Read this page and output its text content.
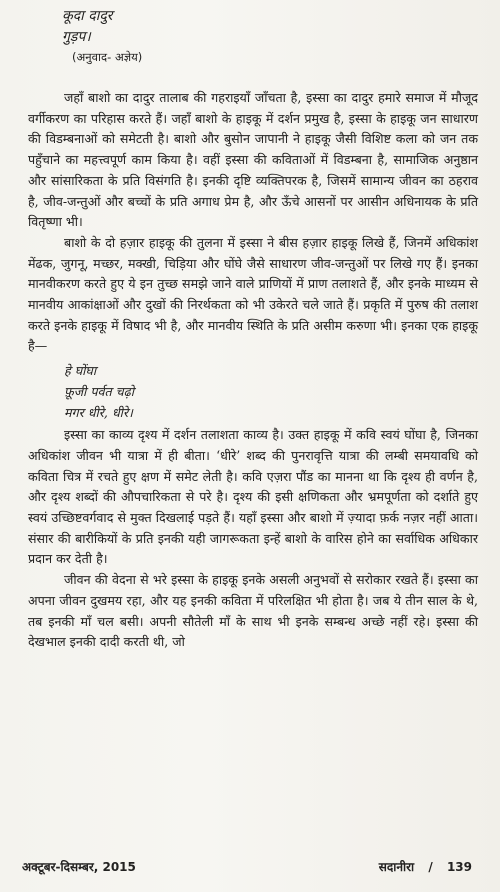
कूदा दादुर
गुड़प।
(अनुवाद- अज्ञेय)

जहाँ बाशो का दादुर तालाब की गहराइयाँ जाँचता है, इस्सा का दादुर हमारे समाज में मौजूद वर्गीकरण का परिहास करते हैं। जहाँ बाशो के हाइकू में दर्शन प्रमुख है, इस्सा के हाइकू जन साधारण की विडम्बनाओं को समेटती है। बाशो और बुसोन जापानी ने हाइकू जैसी विशिष्ट कला को जन तक पहुँचाने का महत्त्वपूर्ण काम किया है। वहीं इस्सा की कविताओं में विडम्बना है, सामाजिक अनुष्ठान और सांसारिकता के प्रति विसंगति है। इनकी दृष्टि व्यक्तिपरक है, जिसमें सामान्य जीवन का ठहराव है, जीव-जन्तुओं और बच्चों के प्रति अगाध प्रेम है, और ऊँचे आसनों पर आसीन अधिनायक के प्रति वितृष्णा भी।

बाशो के दो हज़ार हाइकू की तुलना में इस्सा ने बीस हज़ार हाइकू लिखे हैं, जिनमें अधिकांश मेंढक, जुगनू, मच्छर, मक्खी, चिड़िया और घोंघे जैसे साधारण जीव-जन्तुओं पर लिखे गए हैं। इनका मानवीकरण करते हुए ये इन तुच्छ समझे जाने वाले प्राणियों में प्राण तलाशते हैं, और इनके माध्यम से मानवीय आकांक्षाओं और दुखों की निरर्थकता को भी उकेरते चले जाते हैं। प्रकृति में पुरुष की तलाश करते इनके हाइकू में विषाद भी है, और मानवीय स्थिति के प्रति असीम करुणा भी। इनका एक हाइकू है—

हे घोंघा
फ़ूजी पर्वत चढ़ो
मगर धीरे, धीरे।

इस्सा का काव्य दृश्य में दर्शन तलाशता काव्य है। उक्त हाइकू में कवि स्वयं घोंघा है, जिनका अधिकांश जीवन भी यात्रा में ही बीता। ‘धीरे’ शब्द की पुनरावृत्ति यात्रा की लम्बी समयावधि को कविता चित्र में रचते हुए क्षण में समेट लेती है। कवि एज़रा पौंड का मानना था कि दृश्य ही वर्णन है, और दृश्य शब्दों की औपचारिकता से परे है। दृश्य की इसी क्षणिकता और भ्रमपूर्णता को दर्शाते हुए स्वयं उच्छिष्टवर्गवाद से मुक्त दिखलाई पड़ते हैं। यहाँ इस्सा और बाशो में ज़्यादा फ़र्क नज़र नहीं आता। संसार की बारीकियों के प्रति इनकी यही जागरूकता इन्हें बाशो के वारिस होने का सर्वाधिक अधिकार प्रदान कर देती है।

जीवन की वेदना से भरे इस्सा के हाइकू इनके असली अनुभवों से सरोकार रखते हैं। इस्सा का अपना जीवन दुखमय रहा, और यह इनकी कविता में परिलक्षित भी होता है। जब ये तीन साल के थे, तब इनकी माँ चल बसी। अपनी सौतेली माँ के साथ भी इनके सम्बन्ध अच्छे नहीं रहे। इस्सा की देखभाल इनकी दादी करती थी, जो

अक्टूबर-दिसम्बर, 2015	सदानीरा / 139
